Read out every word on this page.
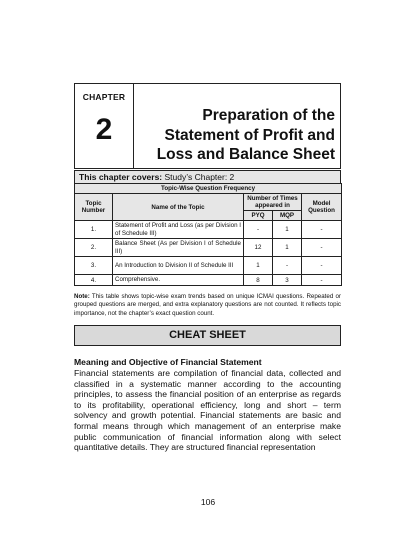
CHAPTER
2	Preparation of the
Statement of Profit and
Loss and Balance Sheet
This chapter covers: Study’s Chapter: 2
Topic-Wise Question Frequency				
Topic Number	Name of the Topic	Number of Times appeared in		Model Question
		PYQ	MQP	
1.	Statement of Profit and Loss (as per Division I of Schedule III)	-	1	-
2.	Balance Sheet (As per Division I of Schedule III)	12	1	-
3.	An Introduction to Division II of Schedule III	1	-	-
4.	Comprehensive.	8	3	-
Note: This table shows topic-wise exam trends based on unique ICMAI questions. Repeated or grouped questions are merged, and extra explanatory questions are not counted. It reflects topic importance, not the chapter’s exact question count.
CHEAT SHEET
Meaning and Objective of Financial Statement
Financial statements are compilation of financial data, collected and classified in a systematic manner according to the accounting principles, to assess the financial position of an enterprise as regards to its profitability, operational efficiency, long and short – term solvency and growth potential. Financial statements are basic and formal means through which management of an enterprise make public communication of financial information along with select quantitative details. They are structured financial representation
106
